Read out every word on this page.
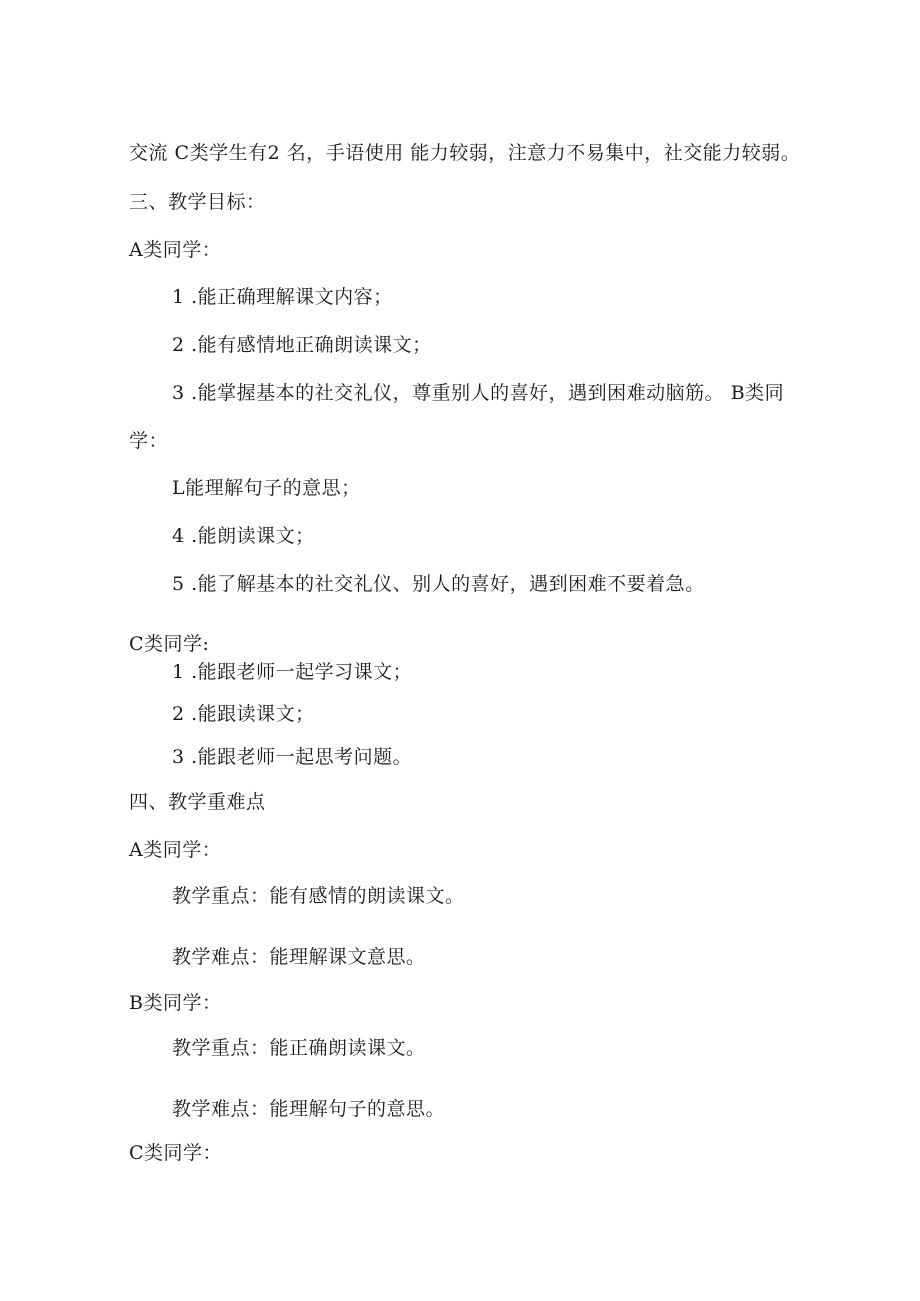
交流 C类学生有2 名，手语使用 能力较弱，注意力不易集中，社交能力较弱。
三、教学目标：
A类同学：
1 .能正确理解课文内容；
2 .能有感情地正确朗读课文；
3 .能掌握基本的社交礼仪，尊重别人的喜好，遇到困难动脑筋。 B类同
学：
L能理解句子的意思；
4 .能朗读课文；
5 .能了解基本的社交礼仪、别人的喜好，遇到困难不要着急。
C类同学:
1 .能跟老师一起学习课文；
2 .能跟读课文；
3 .能跟老师一起思考问题。
四、教学重难点
A类同学：
教学重点：能有感情的朗读课文。
教学难点：能理解课文意思。
B类同学：
教学重点：能正确朗读课文。
教学难点：能理解句子的意思。
C类同学：
